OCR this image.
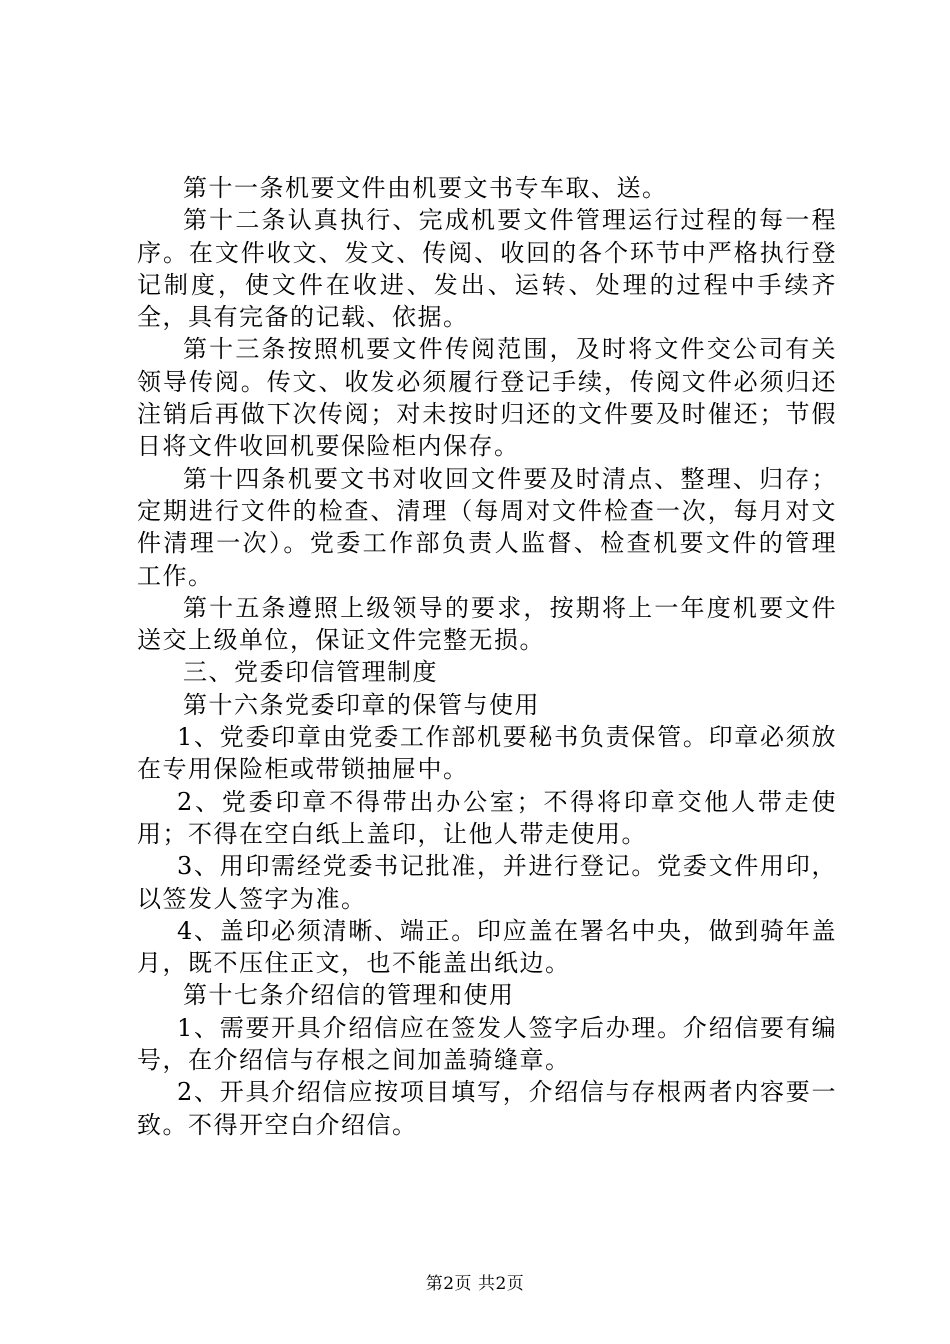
第十一条机要文件由机要文书专车取、送。

第十二条认真执行、完成机要文件管理运行过程的每一程序。在文件收文、发文、传阅、收回的各个环节中严格执行登记制度，使文件在收进、发出、运转、处理的过程中手续齐全，具有完备的记载、依据。

第十三条按照机要文件传阅范围，及时将文件交公司有关领导传阅。传文、收发必须履行登记手续，传阅文件必须归还注销后再做下次传阅；对未按时归还的文件要及时催还；节假日将文件收回机要保险柜内保存。

第十四条机要文书对收回文件要及时清点、整理、归存；定期进行文件的检查、清理（每周对文件检查一次，每月对文件清理一次）。党委工作部负责人监督、检查机要文件的管理工作。

第十五条遵照上级领导的要求，按期将上一年度机要文件送交上级单位，保证文件完整无损。

三、党委印信管理制度

第十六条党委印章的保管与使用

1、党委印章由党委工作部机要秘书负责保管。印章必须放在专用保险柜或带锁抽屉中。

2、党委印章不得带出办公室；不得将印章交他人带走使用；不得在空白纸上盖印，让他人带走使用。

3、用印需经党委书记批准，并进行登记。党委文件用印，以签发人签字为准。

4、盖印必须清晰、端正。印应盖在署名中央，做到骑年盖月，既不压住正文，也不能盖出纸边。

第十七条介绍信的管理和使用

1、需要开具介绍信应在签发人签字后办理。介绍信要有编号，在介绍信与存根之间加盖骑缝章。

2、开具介绍信应按项目填写，介绍信与存根两者内容要一致。不得开空白介绍信。

第2页 共2页
